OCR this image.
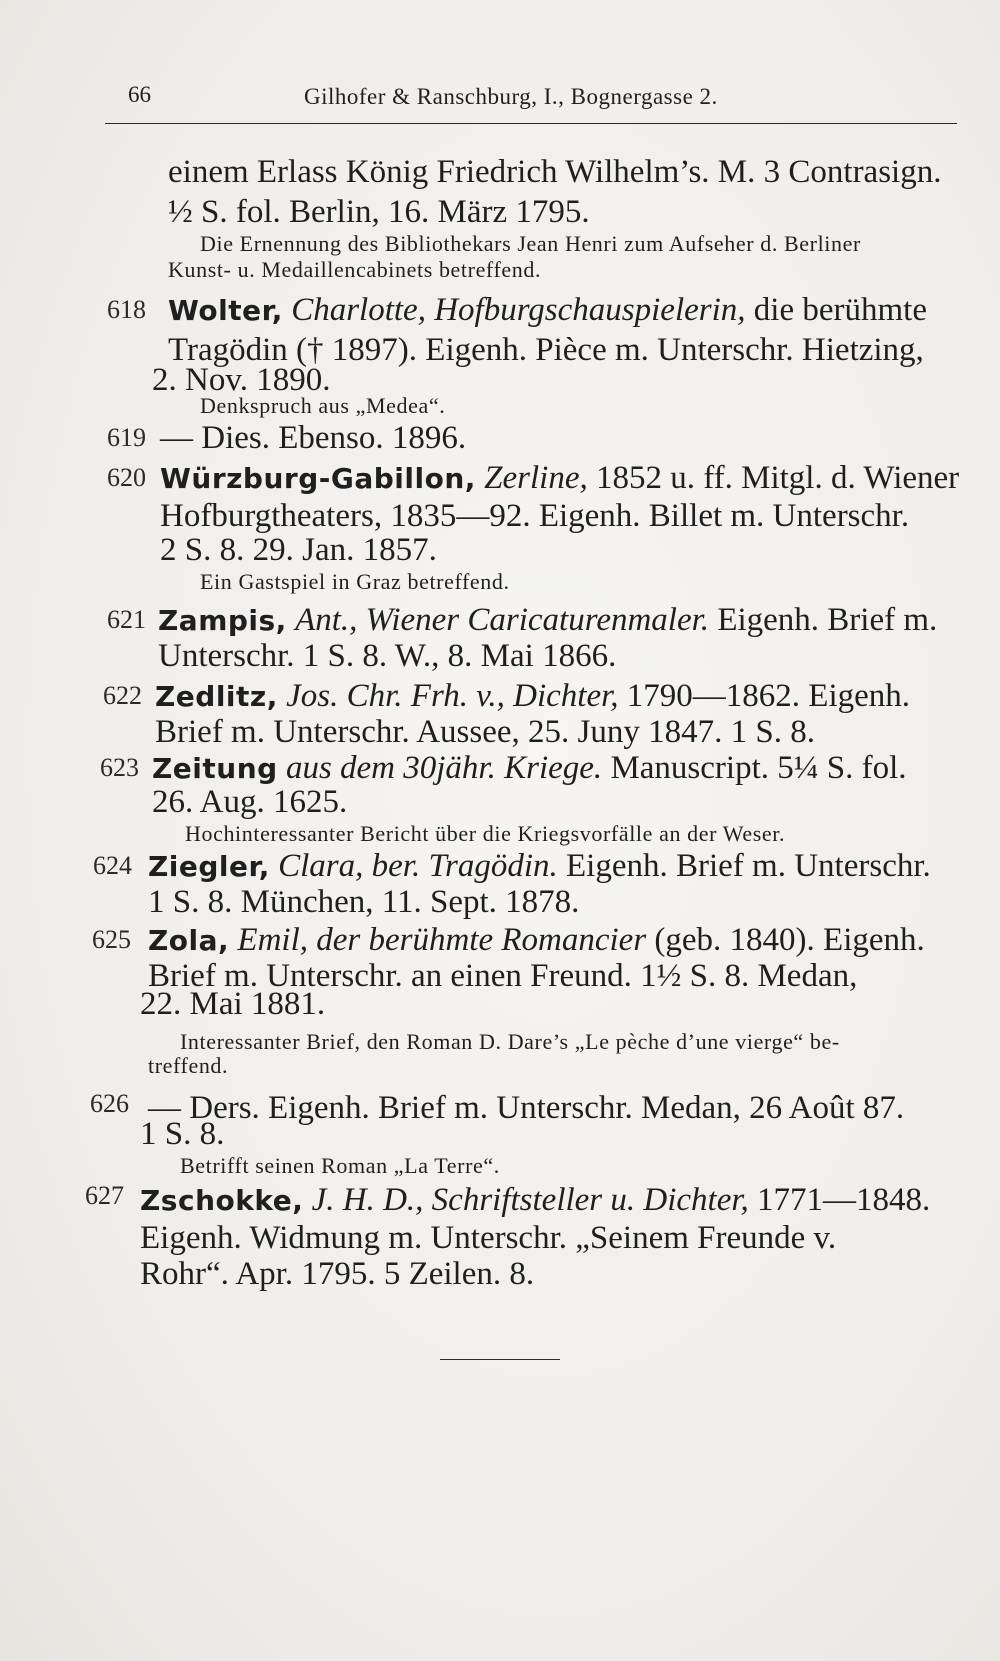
66	Gilhofer & Ranschburg, I., Bognergasse 2.
einem Erlass König Friedrich Wilhelm’s. M. 3 Contrasign.
½ S. fol. Berlin, 16. März 1795.
Die Ernennung des Bibliothekars Jean Henri zum Aufseher d. Berliner
Kunst- u. Medaillencabinets betreffend.
618 Wolter, Charlotte, Hofburgschauspielerin, die berühmte
Tragödin († 1897). Eigenh. Pièce m. Unterschr. Hietzing,
2. Nov. 1890.
Denkspruch aus „Medea“.
619 — Dies. Ebenso. 1896.
620 Würzburg-Gabillon, Zerline, 1852 u. ff. Mitgl. d. Wiener
Hofburgtheaters, 1835—92. Eigenh. Billet m. Unterschr.
2 S. 8. 29. Jan. 1857.
Ein Gastspiel in Graz betreffend.
621 Zampis, Ant., Wiener Caricaturenmaler. Eigenh. Brief m.
Unterschr. 1 S. 8. W., 8. Mai 1866.
622 Zedlitz, Jos. Chr. Frh. v., Dichter, 1790—1862. Eigenh.
Brief m. Unterschr. Aussee, 25. Juny 1847. 1 S. 8.
623 Zeitung aus dem 30jähr. Kriege. Manuscript. 5¼ S. fol.
26. Aug. 1625.
Hochinteressanter Bericht über die Kriegsvorfälle an der Weser.
624 Ziegler, Clara, ber. Tragödin. Eigenh. Brief m. Unterschr.
1 S. 8. München, 11. Sept. 1878.
625 Zola, Emil, der berühmte Romancier (geb. 1840). Eigenh.
Brief m. Unterschr. an einen Freund. 1½ S. 8. Medan,
22. Mai 1881.
Interessanter Brief, den Roman D. Dare’s „Le pèche d’une vierge“ be-
treffend.
626 — Ders. Eigenh. Brief m. Unterschr. Medan, 26 Août 87.
1 S. 8.
Betrifft seinen Roman „La Terre“.
627 Zschokke, J. H. D., Schriftsteller u. Dichter, 1771—1848.
Eigenh. Widmung m. Unterschr. „Seinem Freunde v.
Rohr“. Apr. 1795. 5 Zeilen. 8.
